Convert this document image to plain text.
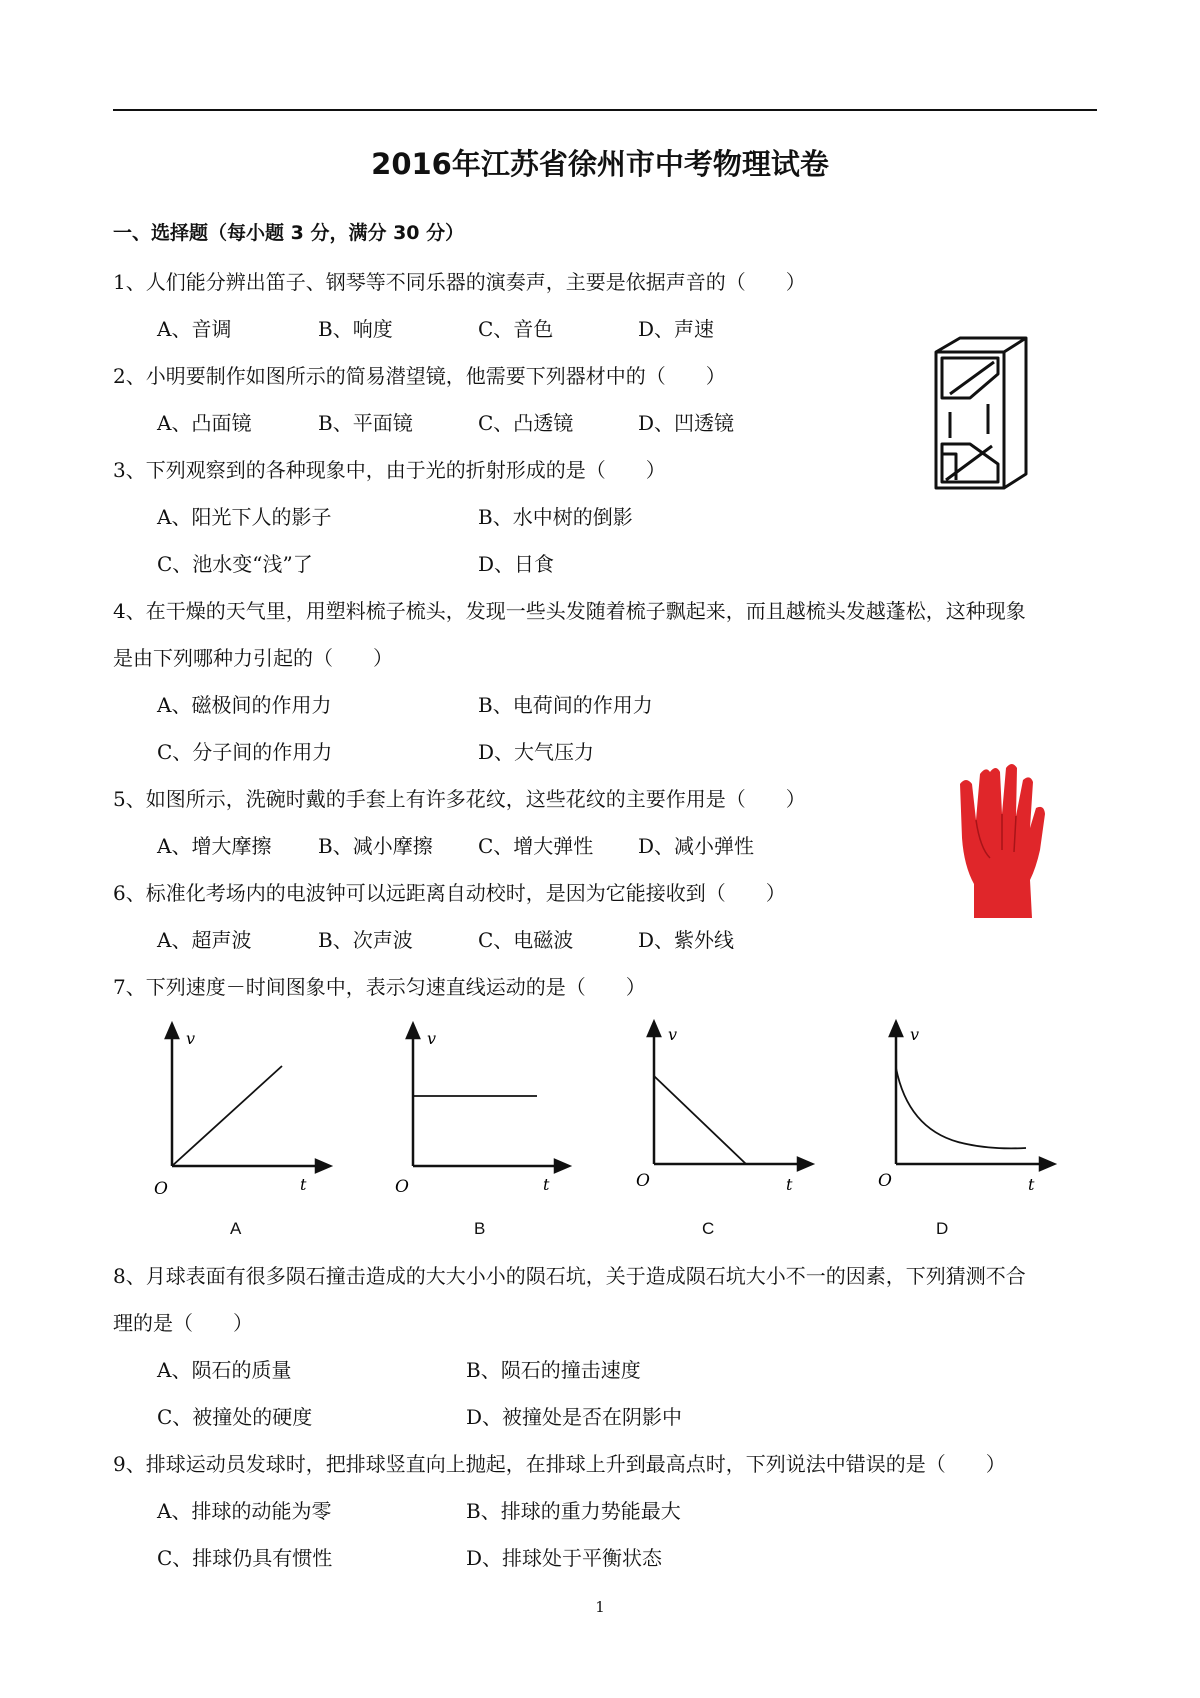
2016年江苏省徐州市中考物理试卷
一、选择题（每小题 3 分，满分 30 分）
1、人们能分辨出笛子、钢琴等不同乐器的演奏声，主要是依据声音的（　　）
A、音调	B、响度	C、音色	D、声速
2、小明要制作如图所示的简易潜望镜，他需要下列器材中的（　　）
A、凸面镜	B、平面镜	C、凸透镜	D、凹透镜
3、下列观察到的各种现象中，由于光的折射形成的是（　　）
A、阳光下人的影子	B、水中树的倒影
C、池水变“浅”了	D、日食
4、在干燥的天气里，用塑料梳子梳头，发现一些头发随着梳子飘起来，而且越梳头发越蓬松，这种现象
是由下列哪种力引起的（　　）
A、磁极间的作用力	B、电荷间的作用力
C、分子间的作用力	D、大气压力
5、如图所示，洗碗时戴的手套上有许多花纹，这些花纹的主要作用是（　　）
A、增大摩擦 B、减小摩擦 C、增大弹性 D、减小弹性
6、标准化考场内的电波钟可以远距离自动校时，是因为它能接收到（　　）
A、超声波	B、次声波	C、电磁波	D、紫外线
7、下列速度－时间图象中，表示匀速直线运动的是（　　）
v
t
O
A
v
t
O
B
v
t
O
C
v
t
O
D
8、月球表面有很多陨石撞击造成的大大小小的陨石坑，关于造成陨石坑大小不一的因素，下列猜测不合
理的是（　　）
A、陨石的质量	B、陨石的撞击速度
C、被撞处的硬度	D、被撞处是否在阴影中
9、排球运动员发球时，把排球竖直向上抛起，在排球上升到最高点时，下列说法中错误的是（　　）
A、排球的动能为零	B、排球的重力势能最大
C、排球仍具有惯性	D、排球处于平衡状态
1
